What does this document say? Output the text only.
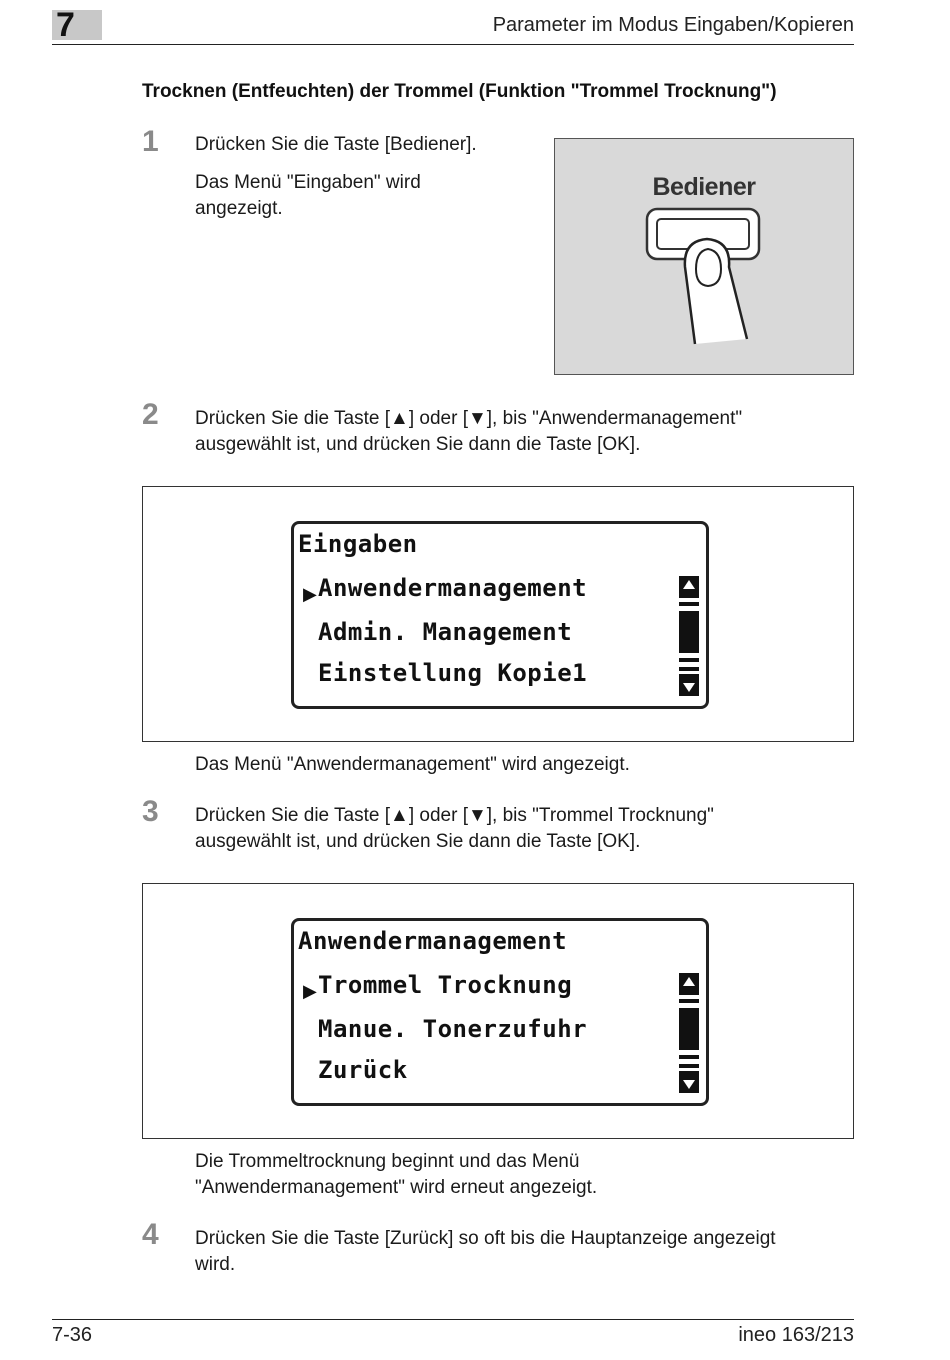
7	Parameter im Modus Eingaben/Kopieren
Trocknen (Entfeuchten) der Trommel (Funktion "Trommel Trocknung")
1 Drücken Sie die Taste [Bediener].
Das Menü "Eingaben" wird
angezeigt.
Bediener
2 Drücken Sie die Taste [▲] oder [▼], bis "Anwendermanagement"
ausgewählt ist, und drücken Sie dann die Taste [OK].
Eingaben
▶ Anwendermanagement
Admin. Management
Einstellung Kopie1
Das Menü "Anwendermanagement" wird angezeigt.
3 Drücken Sie die Taste [▲] oder [▼], bis "Trommel Trocknung"
ausgewählt ist, und drücken Sie dann die Taste [OK].
Anwendermanagement
▶ Trommel Trocknung
Manue. Tonerzufuhr
Zurück
Die Trommeltrocknung beginnt und das Menü
"Anwendermanagement" wird erneut angezeigt.
4 Drücken Sie die Taste [Zurück] so oft bis die Hauptanzeige angezeigt
wird.
7-36	ineo 163/213
